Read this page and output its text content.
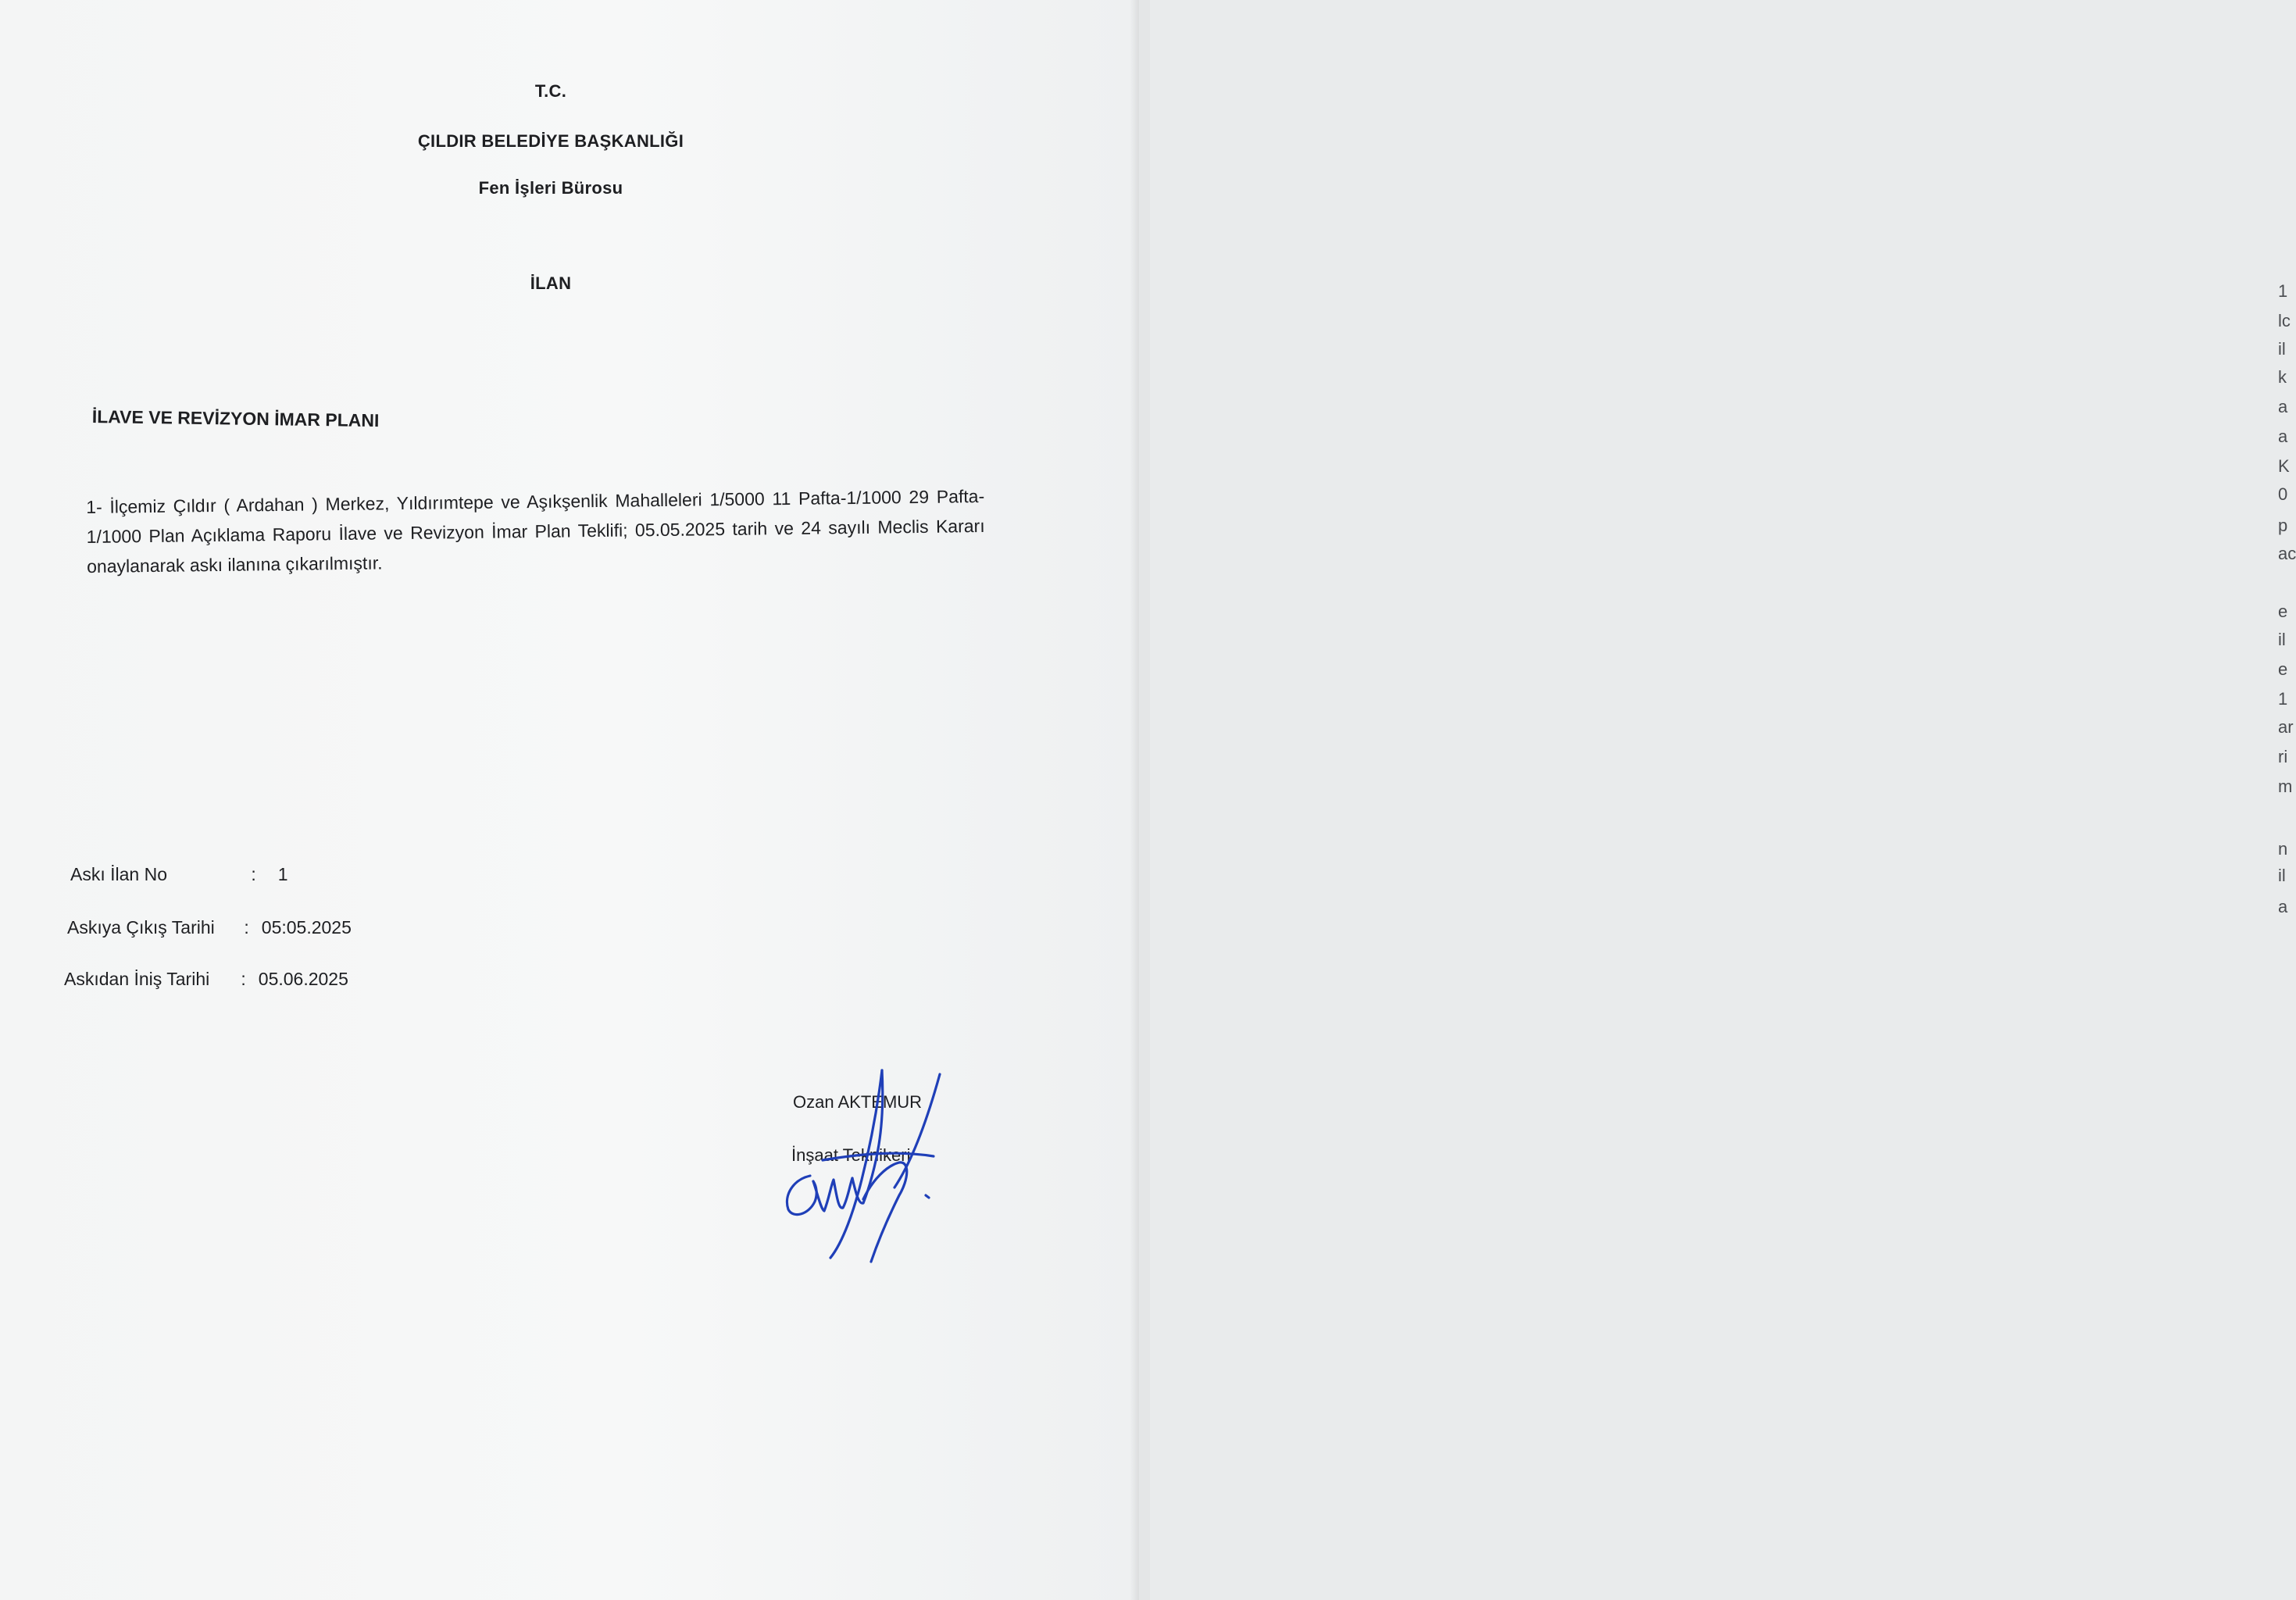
T.C.
ÇILDIR BELEDİYE BAŞKANLIĞI
Fen İşleri Bürosu
İLAN
İLAVE VE REVİZYON İMAR PLANI
1- İlçemiz Çıldır ( Ardahan ) Merkez, Yıldırımtepe ve Aşıkşenlik Mahalleleri 1/5000 11 Pafta-1/1000 29 Pafta-1/1000 Plan Açıklama Raporu İlave ve Revizyon İmar Plan Teklifi; 05.05.2025 tarih ve 24 sayılı Meclis Kararı onaylanarak askı ilanına çıkarılmıştır.
Askı İlan No	: 1
Askıya Çıkış Tarihi : 05:05.2025
Askıdan İniş Tarihi : 05.06.2025
Ozan AKTEMUR
İnşaat Teknikeri
1
lc
il
k
a
a
K
0
p
ac
e
il
e
1
ar
ri
m
n
il
a
